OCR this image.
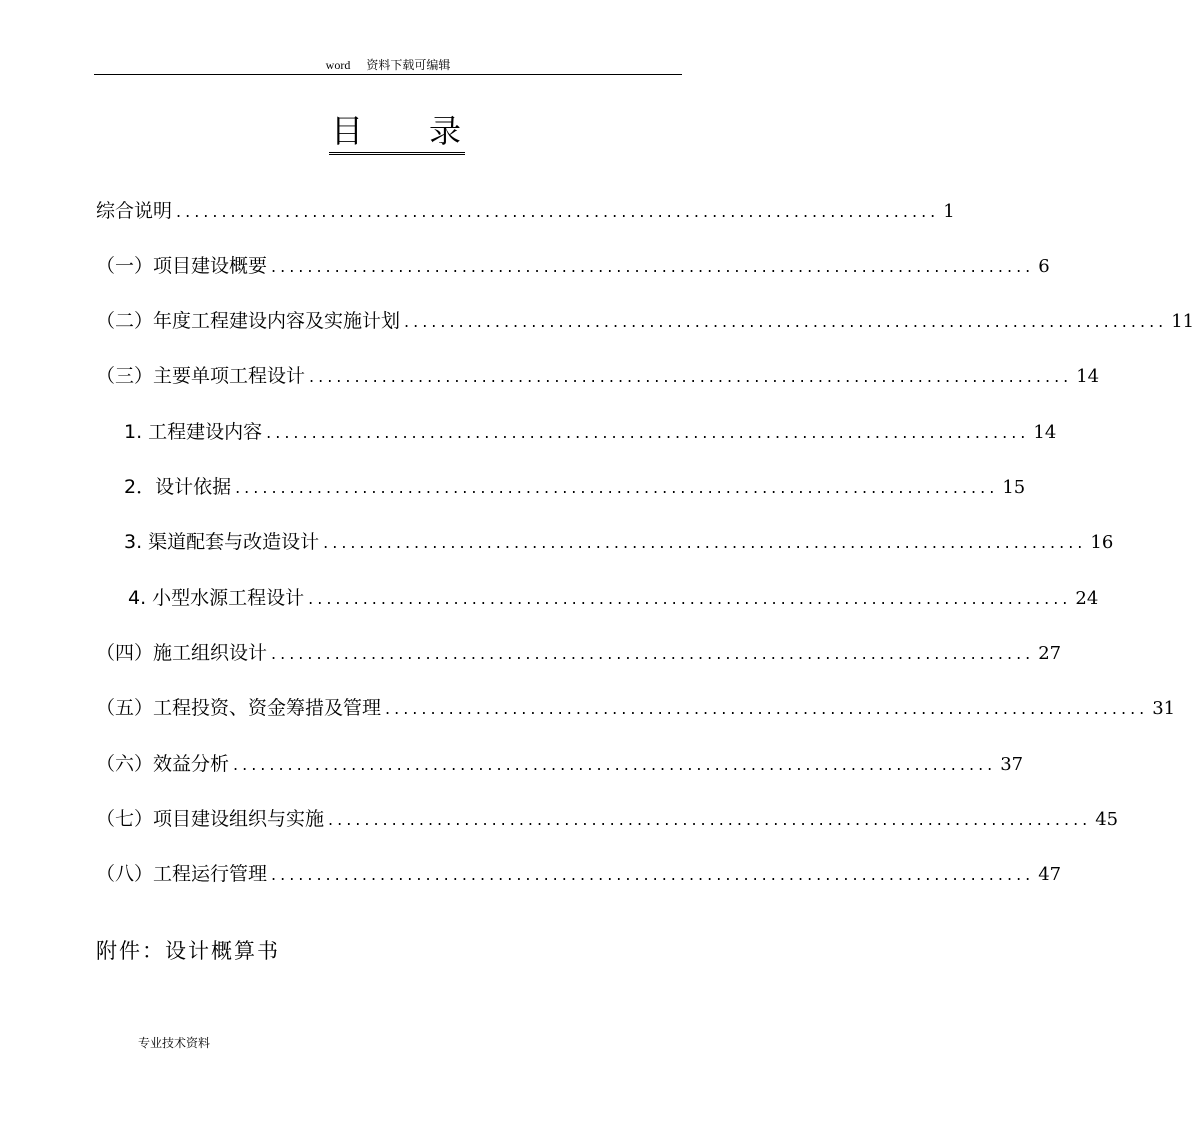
word 资料下载可编辑
目 录
综合说明 .................................................................................... 1
（一）项目建设概要 .................................................................................... 6
（二）年度工程建设内容及实施计划 .................................................................................... 11
（三）主要单项工程设计 .................................................................................... 14
1. 工程建设内容 .................................................................................... 14
2．设计依据 .................................................................................... 15
3. 渠道配套与改造设计 .................................................................................... 16
4. 小型水源工程设计 .................................................................................... 24
（四）施工组织设计 .................................................................................... 27
（五）工程投资、资金筹措及管理 .................................................................................... 31
（六）效益分析 .................................................................................... 37
（七）项目建设组织与实施 .................................................................................... 45
（八）工程运行管理 .................................................................................... 47
附件：设计概算书
专业技术资料
